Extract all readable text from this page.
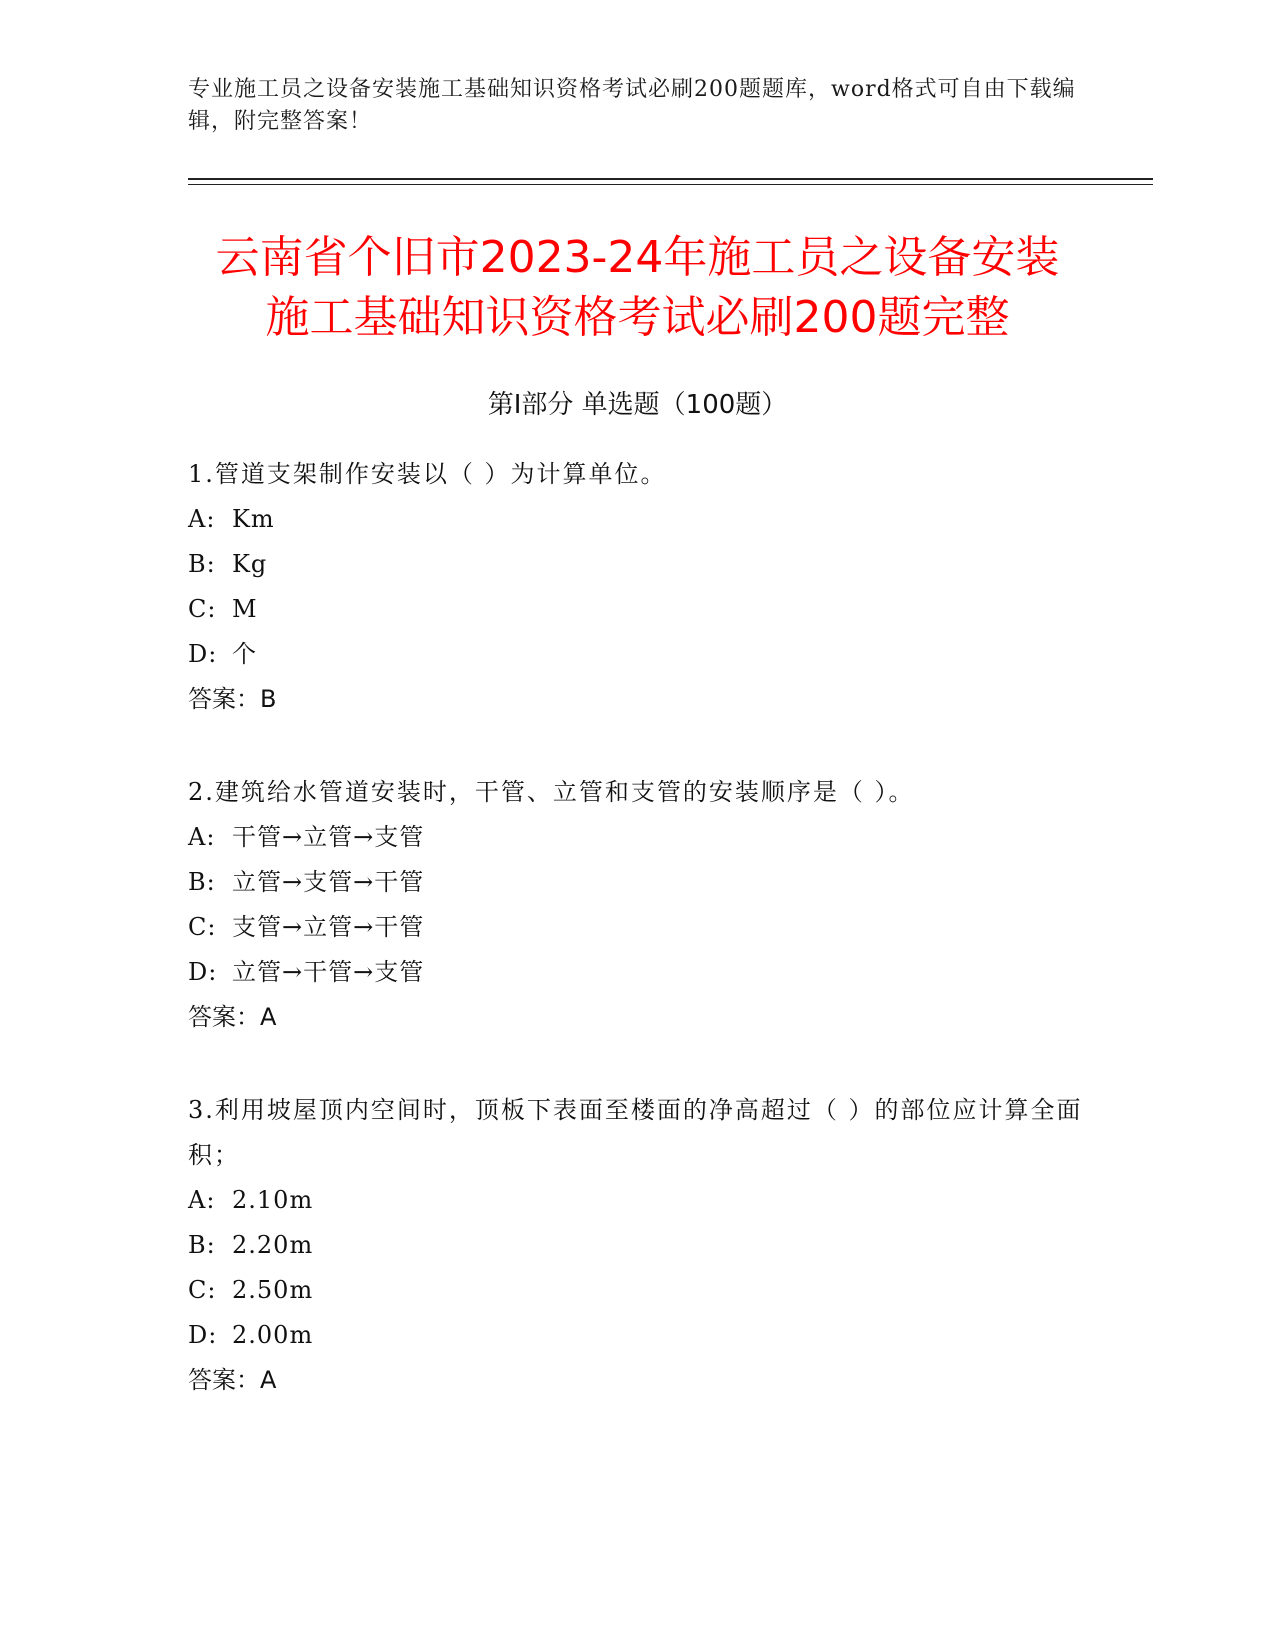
专业施工员之设备安装施工基础知识资格考试必刷200题题库，word格式可自由下载编辑，附完整答案！
云南省个旧市2023-24年施工员之设备安装
施工基础知识资格考试必刷200题完整
第I部分 单选题（100题）

1.管道支架制作安装以（ ）为计算单位。

A: Km

B: Kg

C: M

D: 个

答案：B

2.建筑给水管道安装时，干管、立管和支管的安装顺序是（ ）。

A: 干管→立管→支管

B: 立管→支管→干管

C: 支管→立管→干管

D: 立管→干管→支管

答案：A

3.利用坡屋顶内空间时，顶板下表面至楼面的净高超过（ ）的部位应计算全面积；

A: 2.10m

B: 2.20m

C: 2.50m

D: 2.00m

答案：A
